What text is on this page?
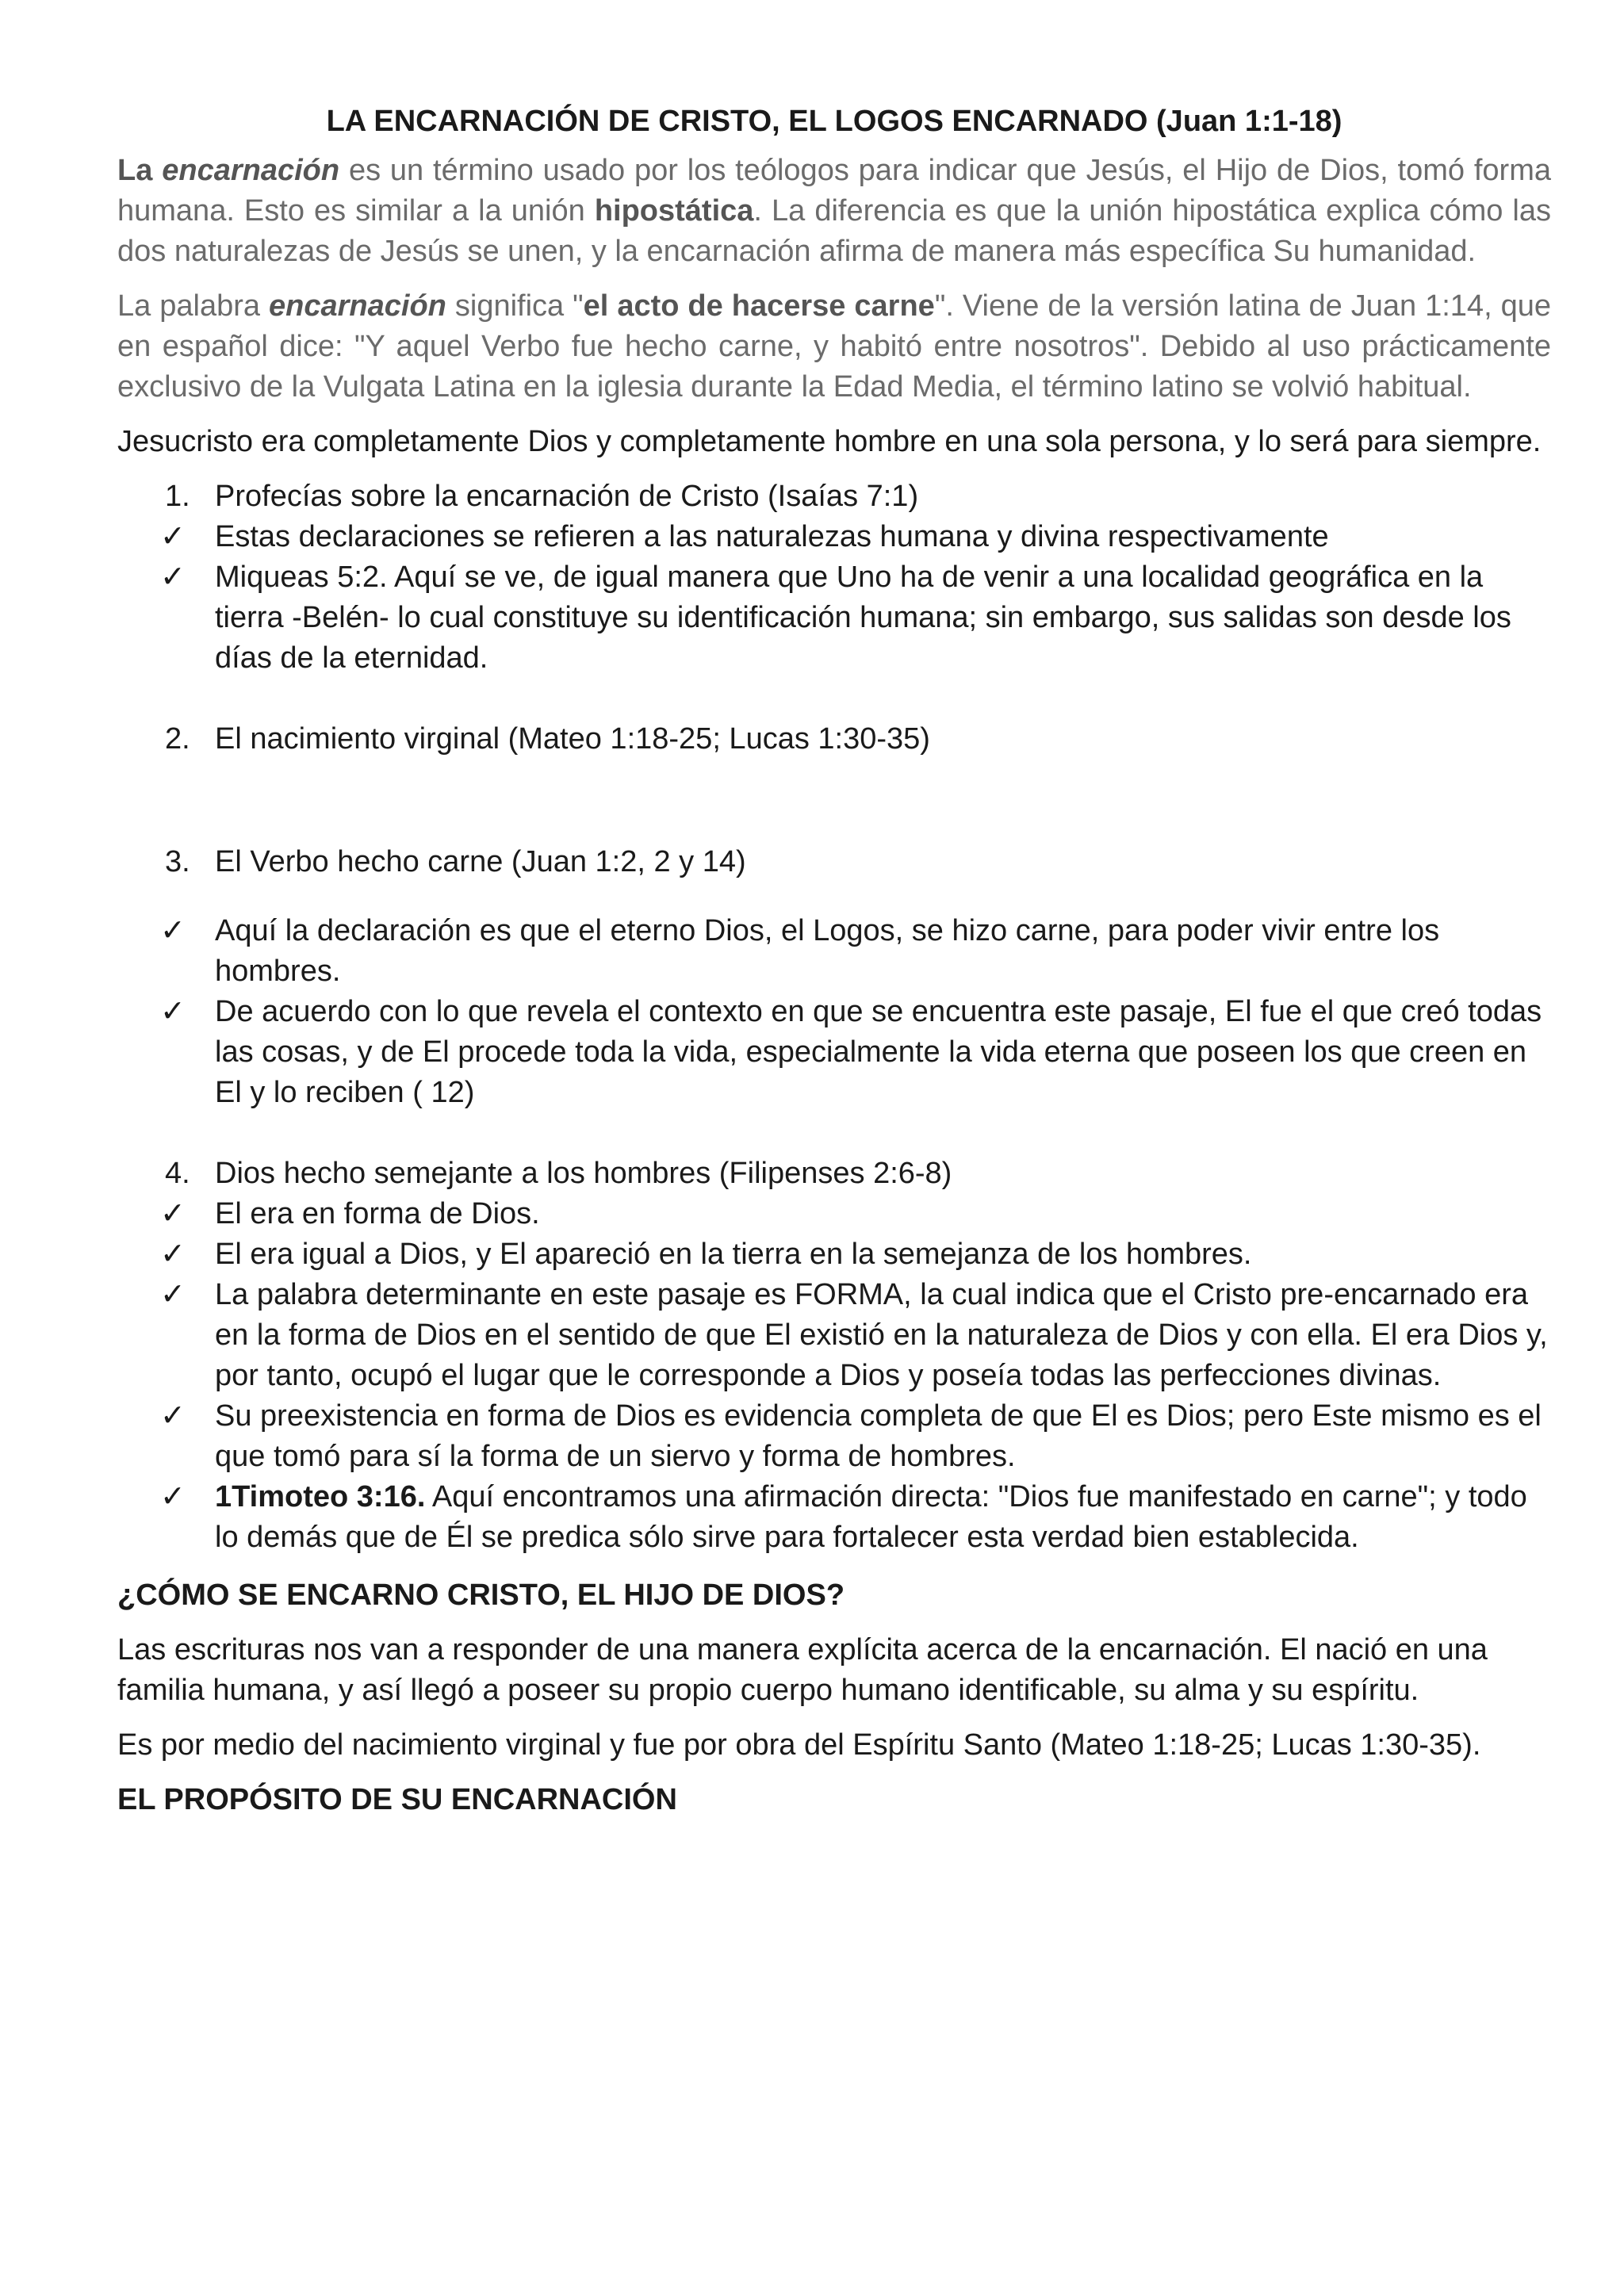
LA ENCARNACIÓN DE CRISTO, EL LOGOS ENCARNADO (Juan 1:1-18)
La encarnación es un término usado por los teólogos para indicar que Jesús, el Hijo de Dios, tomó forma humana. Esto es similar a la unión hipostática. La diferencia es que la unión hipostática explica cómo las dos naturalezas de Jesús se unen, y la encarnación afirma de manera más específica Su humanidad.
La palabra encarnación significa "el acto de hacerse carne". Viene de la versión latina de Juan 1:14, que en español dice: "Y aquel Verbo fue hecho carne, y habitó entre nosotros". Debido al uso prácticamente exclusivo de la Vulgata Latina en la iglesia durante la Edad Media, el término latino se volvió habitual.
Jesucristo era completamente Dios y completamente hombre en una sola persona, y lo será para siempre.
1. Profecías sobre la encarnación de Cristo (Isaías 7:1)
✓ Estas declaraciones se refieren a las naturalezas humana y divina respectivamente
✓ Miqueas 5:2. Aquí se ve, de igual manera que Uno ha de venir a una localidad geográfica en la tierra -Belén- lo cual constituye su identificación humana; sin embargo, sus salidas son desde los días de la eternidad.
2. El nacimiento virginal (Mateo 1:18-25; Lucas 1:30-35)
3. El Verbo hecho carne (Juan 1:2, 2 y 14)
✓ Aquí la declaración es que el eterno Dios, el Logos, se hizo carne, para poder vivir entre los hombres.
✓ De acuerdo con lo que revela el contexto en que se encuentra este pasaje, El fue el que creó todas las cosas, y de El procede toda la vida, especialmente la vida eterna que poseen los que creen en El y lo reciben ( 12)
4. Dios hecho semejante a los hombres (Filipenses 2:6-8)
✓ El era en forma de Dios.
✓ El era igual a Dios, y El apareció en la tierra en la semejanza de los hombres.
✓ La palabra determinante en este pasaje es FORMA, la cual indica que el Cristo pre-encarnado era en la forma de Dios en el sentido de que El existió en la naturaleza de Dios y con ella. El era Dios y, por tanto, ocupó el lugar que le corresponde a Dios y poseía todas las perfecciones divinas.
✓ Su preexistencia en forma de Dios es evidencia completa de que El es Dios; pero Este mismo es el que tomó para sí la forma de un siervo y forma de hombres.
✓ 1Timoteo 3:16. Aquí encontramos una afirmación directa: "Dios fue manifestado en carne"; y todo lo demás que de Él se predica sólo sirve para fortalecer esta verdad bien establecida.
¿CÓMO SE ENCARNO CRISTO, EL HIJO DE DIOS?
Las escrituras nos van a responder de una manera explícita acerca de la encarnación. El nació en una familia humana, y así llegó a poseer su propio cuerpo humano identificable, su alma y su espíritu.
Es por medio del nacimiento virginal y fue por obra del Espíritu Santo (Mateo 1:18-25; Lucas 1:30-35).
EL PROPÓSITO DE SU ENCARNACIÓN
